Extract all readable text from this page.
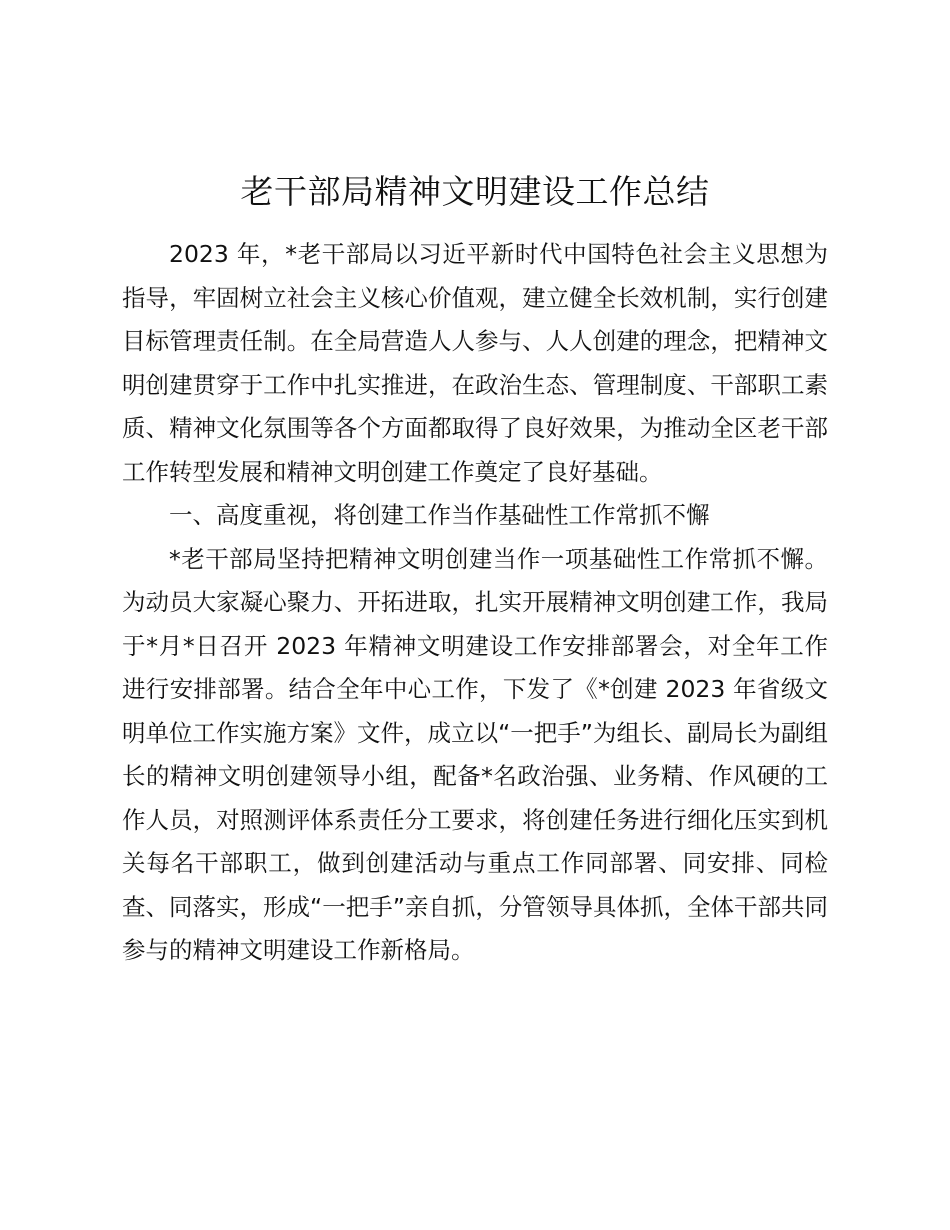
老干部局精神文明建设工作总结

2023 年，*老干部局以习近平新时代中国特色社会主义思想为指导，牢固树立社会主义核心价值观，建立健全长效机制，实行创建目标管理责任制。在全局营造人人参与、人人创建的理念，把精神文明创建贯穿于工作中扎实推进，在政治生态、管理制度、干部职工素质、精神文化氛围等各个方面都取得了良好效果，为推动全区老干部工作转型发展和精神文明创建工作奠定了良好基础。

一、高度重视，将创建工作当作基础性工作常抓不懈

*老干部局坚持把精神文明创建当作一项基础性工作常抓不懈。为动员大家凝心聚力、开拓进取，扎实开展精神文明创建工作，我局于*月*日召开 2023 年精神文明建设工作安排部署会，对全年工作进行安排部署。结合全年中心工作，下发了《*创建 2023 年省级文明单位工作实施方案》文件，成立以“一把手”为组长、副局长为副组长的精神文明创建领导小组，配备*名政治强、业务精、作风硬的工作人员，对照测评体系责任分工要求，将创建任务进行细化压实到机关每名干部职工，做到创建活动与重点工作同部署、同安排、同检查、同落实，形成“一把手”亲自抓，分管领导具体抓，全体干部共同参与的精神文明建设工作新格局。
